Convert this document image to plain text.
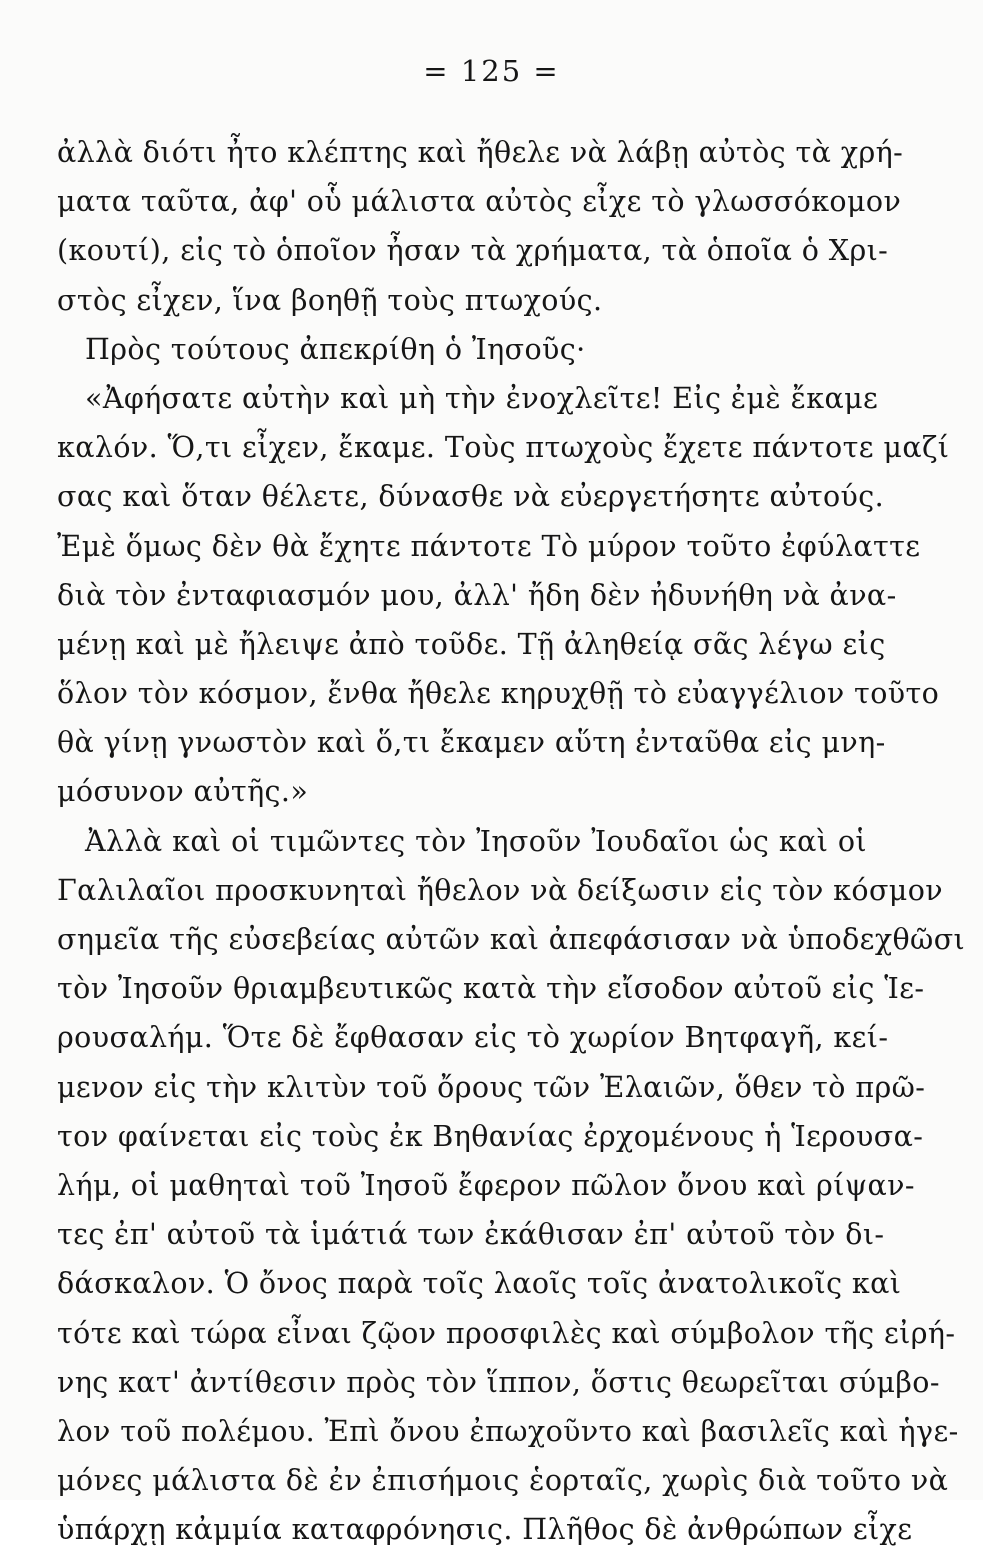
= 125 =
ἀλλὰ διότι ἦτο κλέπτης καὶ ἤθελε νὰ λάβῃ αὐτὸς τὰ χρή-
ματα ταῦτα, ἀφ' οὗ μάλιστα αὐτὸς εἶχε τὸ γλωσσόκομον
(κουτί), εἰς τὸ ὁποῖον ἦσαν τὰ χρήματα, τὰ ὁποῖα ὁ Χρι-
στὸς εἶχεν, ἵνα βοηθῇ τοὺς πτωχούς.
Πρὸς τούτους ἀπεκρίθη ὁ Ἰησοῦς·
«Ἀφήσατε αὐτὴν καὶ μὴ τὴν ἐνοχλεῖτε! Εἰς ἐμὲ ἔκαμε
καλόν. Ὅ,τι εἶχεν, ἔκαμε. Τοὺς πτωχοὺς ἔχετε πάντοτε μαζί
σας καὶ ὅταν θέλετε, δύνασθε νὰ εὐεργετήσητε αὐτούς.
Ἐμὲ ὅμως δὲν θὰ ἔχητε πάντοτε Τὸ μύρον τοῦτο ἐφύλαττε
διὰ τὸν ἐνταφιασμόν μου, ἀλλ' ἤδη δὲν ἠδυνήθη νὰ ἀνα-
μένῃ καὶ μὲ ἤλειψε ἀπὸ τοῦδε. Τῇ ἀληθείᾳ σᾶς λέγω εἰς
ὅλον τὸν κόσμον, ἔνθα ἤθελε κηρυχθῇ τὸ εὐαγγέλιον τοῦτο
θὰ γίνῃ γνωστὸν καὶ ὅ,τι ἔκαμεν αὕτη ἐνταῦθα εἰς μνη-
μόσυνον αὐτῆς.»
Ἀλλὰ καὶ οἱ τιμῶντες τὸν Ἰησοῦν Ἰουδαῖοι ὡς καὶ οἱ
Γαλιλαῖοι προσκυνηταὶ ἤθελον νὰ δείξωσιν εἰς τὸν κόσμον
σημεῖα τῆς εὐσεβείας αὐτῶν καὶ ἀπεφάσισαν νὰ ὑποδεχθῶσι
τὸν Ἰησοῦν θριαμβευτικῶς κατὰ τὴν εἴσοδον αὐτοῦ εἰς Ἱε-
ρουσαλήμ. Ὅτε δὲ ἔφθασαν εἰς τὸ χωρίον Βητφαγῆ, κεί-
μενον εἰς τὴν κλιτὺν τοῦ ὄρους τῶν Ἐλαιῶν, ὅθεν τὸ πρῶ-
τον φαίνεται εἰς τοὺς ἐκ Βηθανίας ἐρχομένους ἡ Ἱερουσα-
λήμ, οἱ μαθηταὶ τοῦ Ἰησοῦ ἔφερον πῶλον ὄνου καὶ ρίψαν-
τες ἐπ' αὐτοῦ τὰ ἱμάτιά των ἐκάθισαν ἐπ' αὐτοῦ τὸν δι-
δάσκαλον. Ὁ ὄνος παρὰ τοῖς λαοῖς τοῖς ἀνατολικοῖς καὶ
τότε καὶ τώρα εἶναι ζῷον προσφιλὲς καὶ σύμβολον τῆς εἰρή-
νης κατ' ἀντίθεσιν πρὸς τὸν ἵππον, ὅστις θεωρεῖται σύμβο-
λον τοῦ πολέμου. Ἐπὶ ὄνου ἐπωχοῦντο καὶ βασιλεῖς καὶ ἡγε-
μόνες μάλιστα δὲ ἐν ἐπισήμοις ἑορταῖς, χωρὶς διὰ τοῦτο νὰ
ὑπάρχῃ κἀμμία καταφρόνησις. Πλῆθος δὲ ἀνθρώπων εἶχε
